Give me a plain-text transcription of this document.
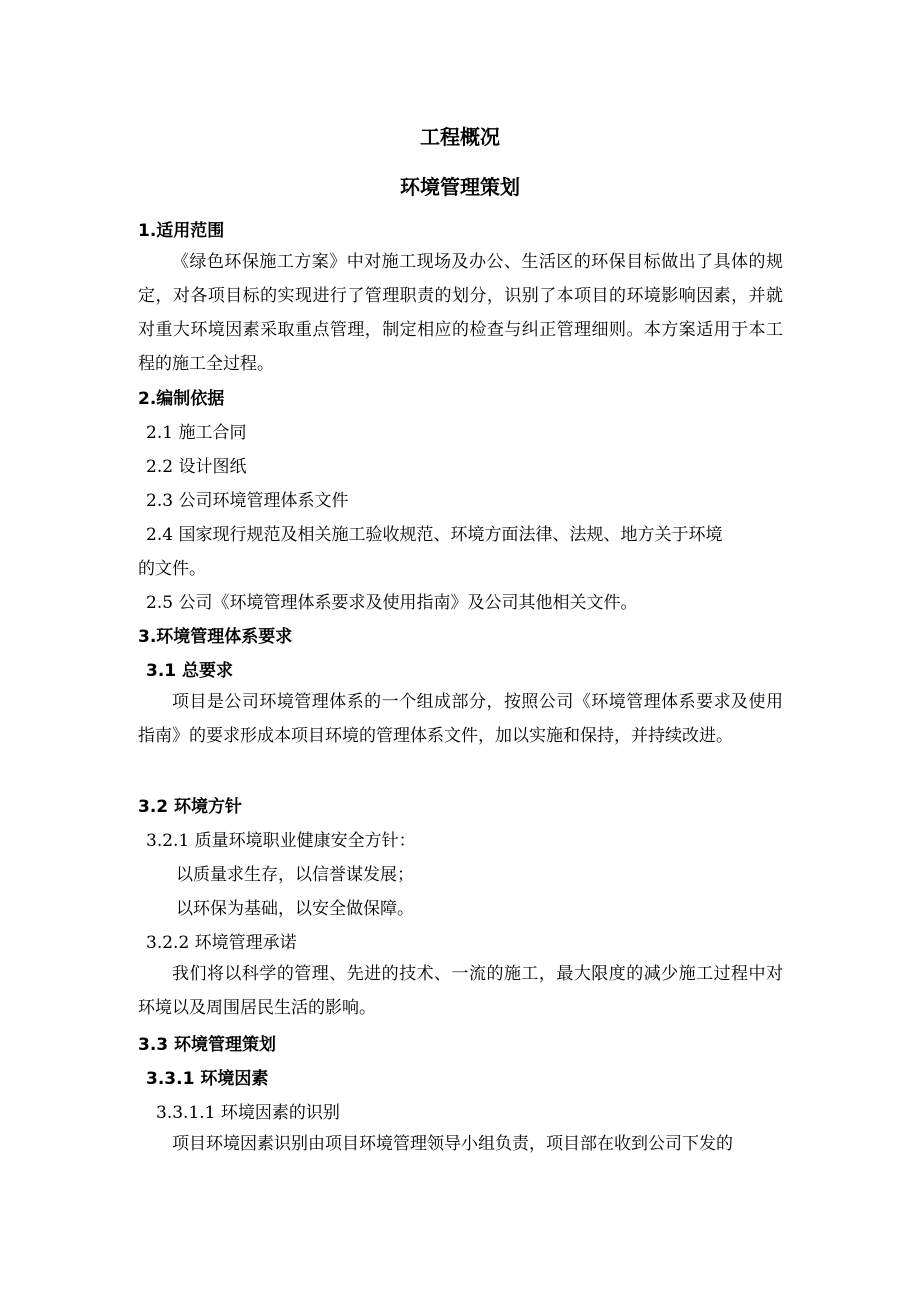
工程概况
环境管理策划
1.适用范围
《绿色环保施工方案》中对施工现场及办公、生活区的环保目标做出了具体的规定，对各项目标的实现进行了管理职责的划分，识别了本项目的环境影响因素，并就对重大环境因素采取重点管理，制定相应的检查与纠正管理细则。本方案适用于本工程的施工全过程。
2.编制依据
2.1 施工合同
2.2 设计图纸
2.3 公司环境管理体系文件
2.4 国家现行规范及相关施工验收规范、环境方面法律、法规、地方关于环境
的文件。
2.5 公司《环境管理体系要求及使用指南》及公司其他相关文件。
3.环境管理体系要求
3.1 总要求
项目是公司环境管理体系的一个组成部分，按照公司《环境管理体系要求及使用指南》的要求形成本项目环境的管理体系文件，加以实施和保持，并持续改进。
3.2 环境方针
3.2.1 质量环境职业健康安全方针：
以质量求生存，以信誉谋发展；
以环保为基础，以安全做保障。
3.2.2 环境管理承诺
我们将以科学的管理、先进的技术、一流的施工，最大限度的减少施工过程中对环境以及周围居民生活的影响。
3.3 环境管理策划
3.3.1 环境因素
3.3.1.1 环境因素的识别
项目环境因素识别由项目环境管理领导小组负责，项目部在收到公司下发的
